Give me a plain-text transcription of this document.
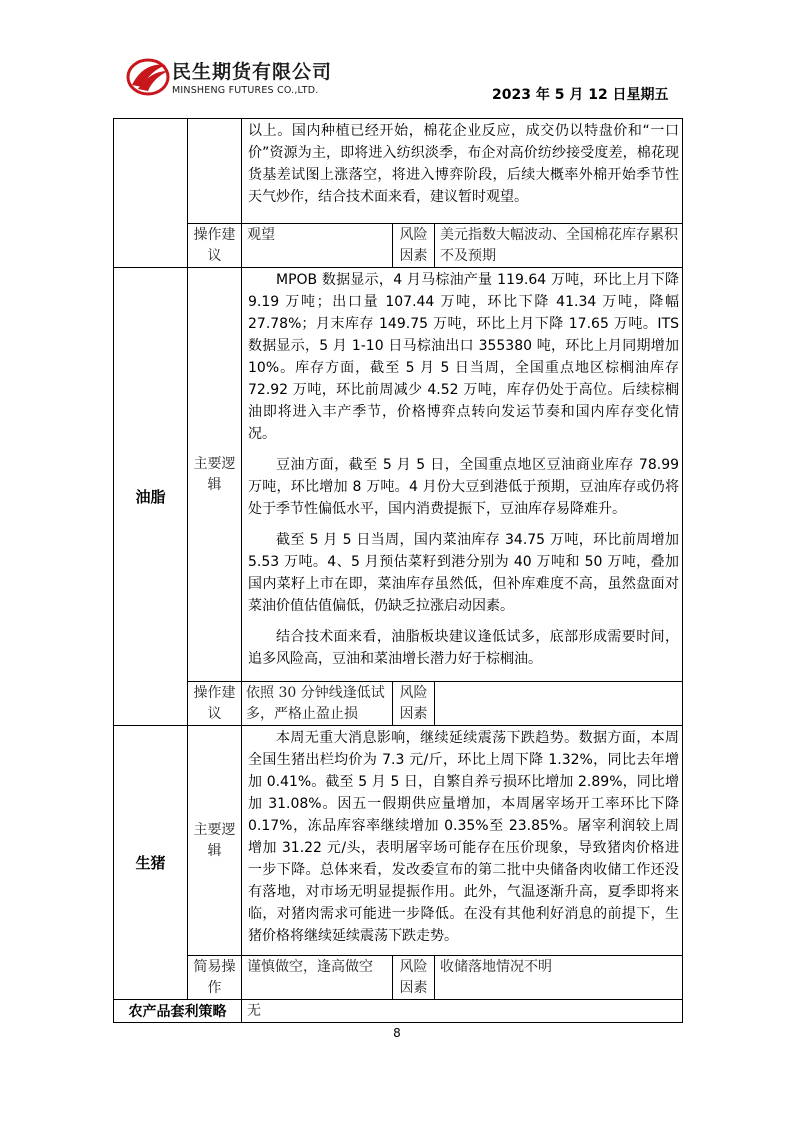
民生期货有限公司
MINSHENG FUTURES CO.,LTD.	2023 年 5 月 12 日星期五

		以上。国内种植已经开始，棉花企业反应，成交仍以特盘价和“一口价”资源为主，即将进入纺织淡季，布企对高价纺纱接受度差，棉花现货基差试图上涨落空，将进入博弈阶段，后续大概率外棉开始季节性天气炒作，结合技术面来看，建议暂时观望。		

	操作建议	观望	风险因素	美元指数大幅波动、全国棉花库存累积不及预期
油脂	主要逻辑	MPOB 数据显示，4 月马棕油产量 119.64 万吨，环比上月下降 9.19 万吨；出口量 107.44 万吨，环比下降 41.34 万吨，降幅 27.78%；月末库存 149.75 万吨，环比上月下降 17.65 万吨。ITS 数据显示，5 月 1-10 日马棕油出口 355380 吨，环比上月同期增加 10%。库存方面，截至 5 月 5 日当周，全国重点地区棕榈油库存 72.92 万吨，环比前周减少 4.52 万吨，库存仍处于高位。后续棕榈油即将进入丰产季节，价格博弈点转向发运节奏和国内库存变化情况。

豆油方面，截至 5 月 5 日，全国重点地区豆油商业库存 78.99 万吨，环比增加 8 万吨。4 月份大豆到港低于预期，豆油库存或仍将处于季节性偏低水平，国内消费提振下，豆油库存易降难升。

截至 5 月 5 日当周，国内菜油库存 34.75 万吨，环比前周增加 5.53 万吨。4、5 月预估菜籽到港分别为 40 万吨和 50 万吨，叠加国内菜籽上市在即，菜油库存虽然低，但补库难度不高，虽然盘面对菜油价值估值偏低，仍缺乏拉涨启动因素。

结合技术面来看，油脂板块建议逢低试多，底部形成需要时间，追多风险高，豆油和菜油增长潜力好于棕榈油。		

	操作建议	依照 30 分钟线逢低试多，严格止盈止损	风险因素	
生猪	主要逻辑	本周无重大消息影响，继续延续震荡下跌趋势。数据方面，本周全国生猪出栏均价为 7.3 元/斤，环比上周下降 1.32%，同比去年增加 0.41%。截至 5 月 5 日，自繁自养亏损环比增加 2.89%，同比增加 31.08%。因五一假期供应量增加，本周屠宰场开工率环比下降 0.17%，冻品库容率继续增加 0.35%至 23.85%。屠宰利润较上周增加 31.22 元/头，表明屠宰场可能存在压价现象，导致猪肉价格进一步下降。总体来看，发改委宣布的第二批中央储备肉收储工作还没有落地，对市场无明显提振作用。此外，气温逐渐升高，夏季即将来临，对猪肉需求可能进一步降低。在没有其他利好消息的前提下，生猪价格将继续延续震荡下跌走势。		

	简易操作	谨慎做空，逢高做空	风险因素	收储落地情况不明
农产品套利策略		无		
8
